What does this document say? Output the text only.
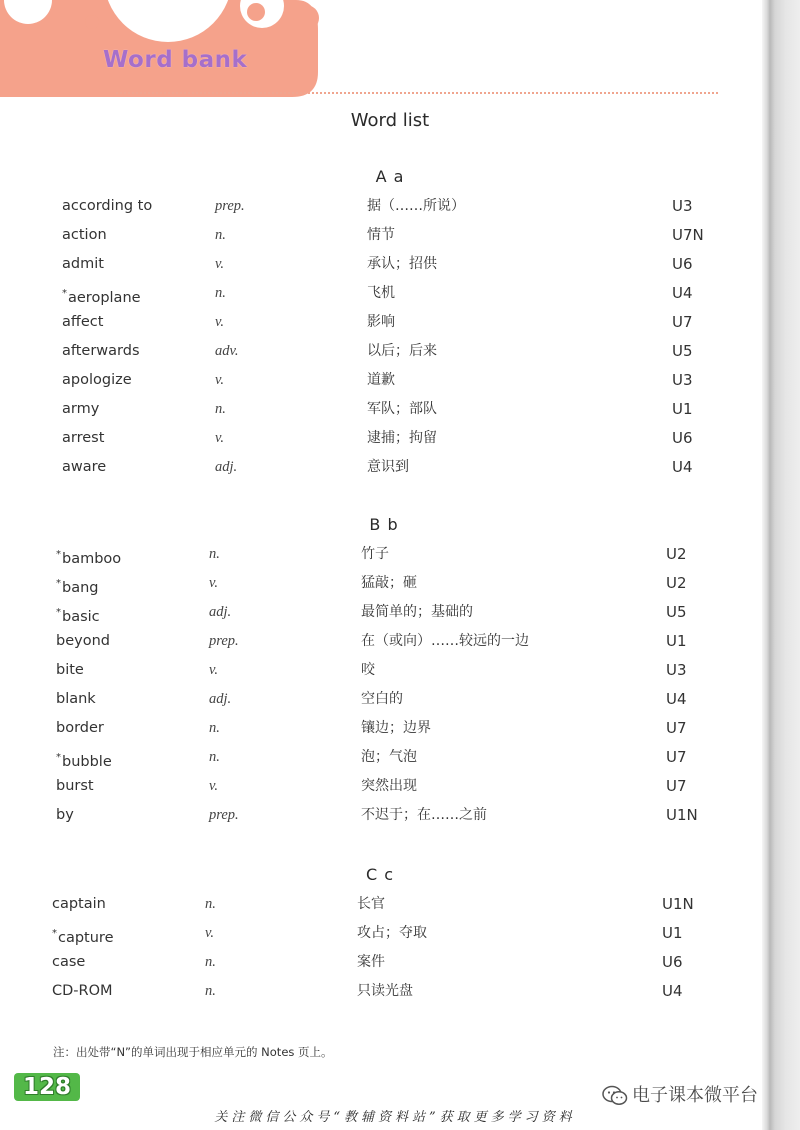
Word bank
Word list
A a
according to	prep.	据（……所说）	U3
action	n.	情节	U7N
admit	v.	承认；招供	U6
*aeroplane	n.	飞机	U4
affect	v.	影响	U7
afterwards	adv.	以后；后来	U5
apologize	v.	道歉	U3
army	n.	军队；部队	U1
arrest	v.	逮捕；拘留	U6
aware	adj.	意识到	U4
B b
*bamboo	n.	竹子	U2
*bang	v.	猛敲；砸	U2
*basic	adj.	最简单的；基础的	U5
beyond	prep.	在（或向）……较远的一边	U1
bite	v.	咬	U3
blank	adj.	空白的	U4
border	n.	镶边；边界	U7
*bubble	n.	泡；气泡	U7
burst	v.	突然出现	U7
by	prep.	不迟于；在……之前	U1N
C c
captain	n.	长官	U1N
*capture	v.	攻占；夺取	U1
case	n.	案件	U6
CD-ROM	n.	只读光盘	U4
注：出处带“N”的单词出现于相应单元的 Notes 页上。
128	电子课本微平台
关注微信公众号“教辅资料站”获取更多学习资料
